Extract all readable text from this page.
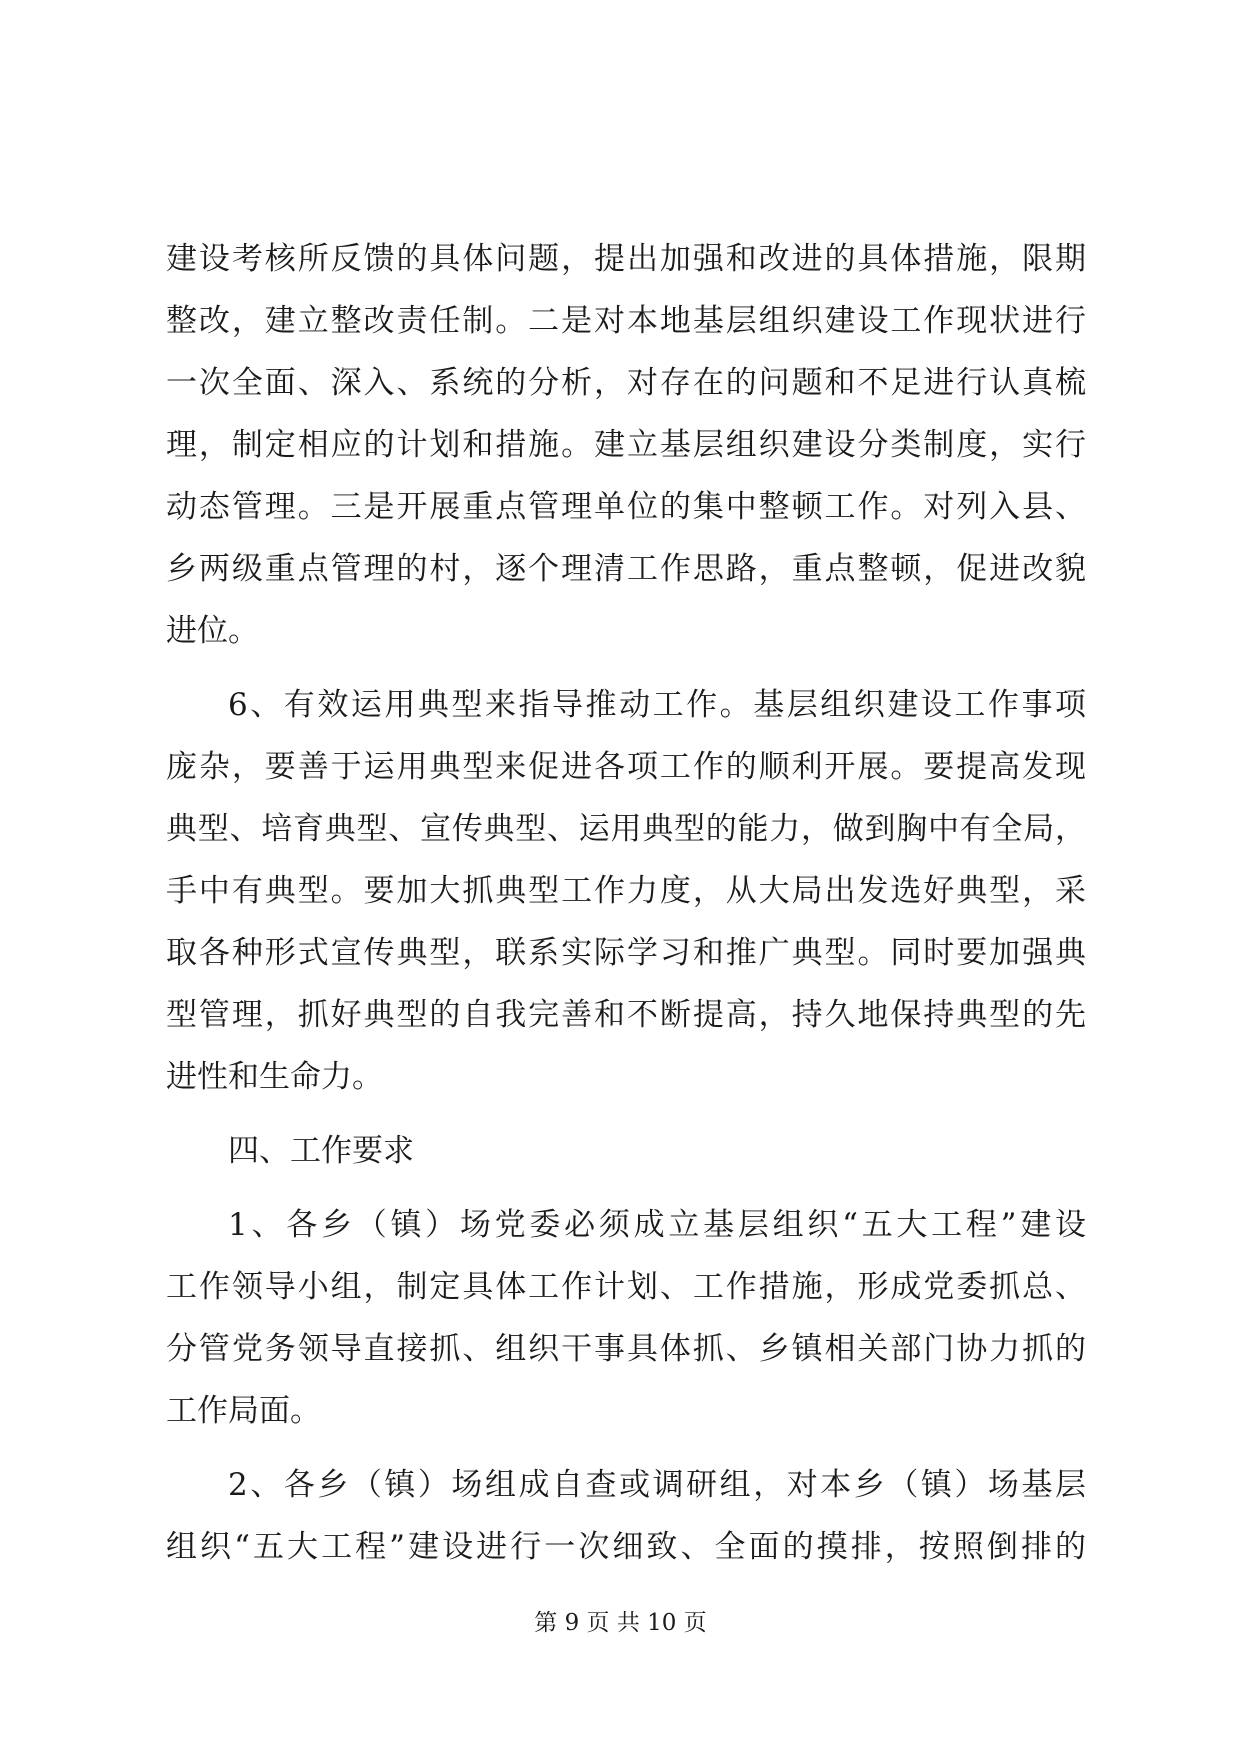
建设考核所反馈的具体问题，提出加强和改进的具体措施，限期
整改，建立整改责任制。二是对本地基层组织建设工作现状进行
一次全面、深入、系统的分析，对存在的问题和不足进行认真梳
理，制定相应的计划和措施。建立基层组织建设分类制度，实行
动态管理。三是开展重点管理单位的集中整顿工作。对列入县、
乡两级重点管理的村，逐个理清工作思路，重点整顿，促进改貌
进位。
6、有效运用典型来指导推动工作。基层组织建设工作事项
庞杂，要善于运用典型来促进各项工作的顺利开展。要提高发现
典型、培育典型、宣传典型、运用典型的能力，做到胸中有全局，
手中有典型。要加大抓典型工作力度，从大局出发选好典型，采
取各种形式宣传典型，联系实际学习和推广典型。同时要加强典
型管理，抓好典型的自我完善和不断提高，持久地保持典型的先
进性和生命力。
四、工作要求
1、各乡（镇）场党委必须成立基层组织“五大工程”建设
工作领导小组，制定具体工作计划、工作措施，形成党委抓总、
分管党务领导直接抓、组织干事具体抓、乡镇相关部门协力抓的
工作局面。
2、各乡（镇）场组成自查或调研组，对本乡（镇）场基层
组织“五大工程”建设进行一次细致、全面的摸排，按照倒排的
第 9 页 共 10 页
